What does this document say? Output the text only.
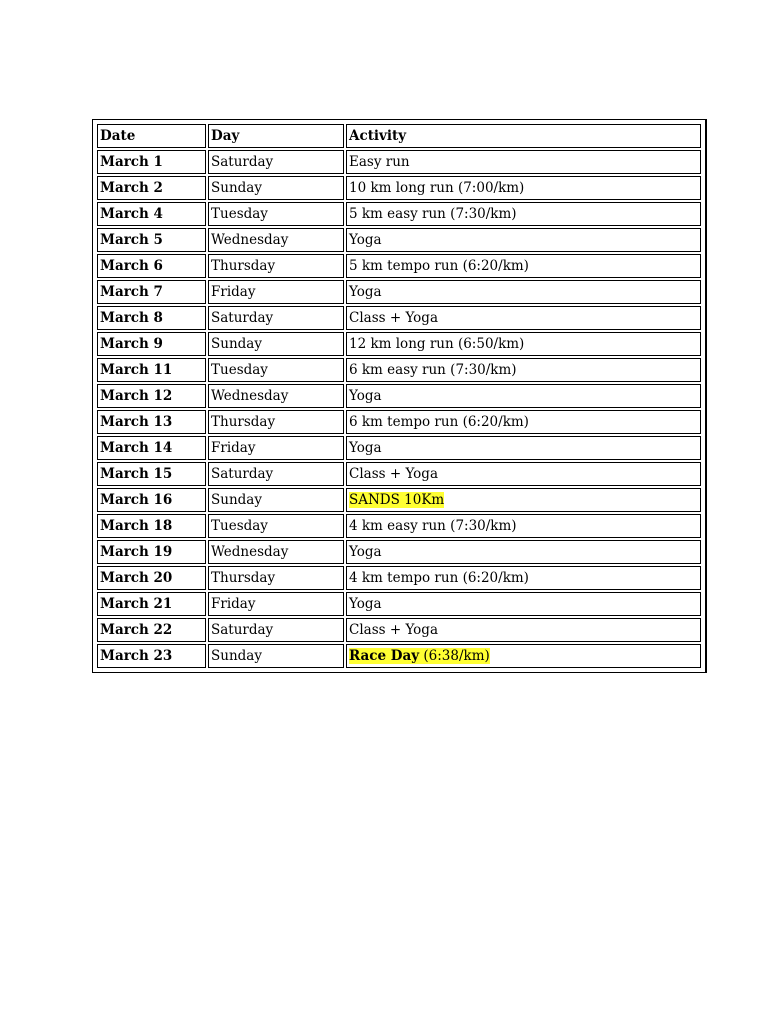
Date	Day	Activity
March 1	Saturday	Easy run
March 2	Sunday	10 km long run (7:00/km)
March 4	Tuesday	5 km easy run (7:30/km)
March 5	Wednesday	Yoga
March 6	Thursday	5 km tempo run (6:20/km)
March 7	Friday	Yoga
March 8	Saturday	Class + Yoga
March 9	Sunday	12 km long run (6:50/km)
March 11	Tuesday	6 km easy run (7:30/km)
March 12	Wednesday	Yoga
March 13	Thursday	6 km tempo run (6:20/km)
March 14	Friday	Yoga
March 15	Saturday	Class + Yoga
March 16	Sunday	SANDS 10Km
March 18	Tuesday	4 km easy run (7:30/km)
March 19	Wednesday	Yoga
March 20	Thursday	4 km tempo run (6:20/km)
March 21	Friday	Yoga
March 22	Saturday	Class + Yoga
March 23	Sunday	Race Day (6:38/km)
